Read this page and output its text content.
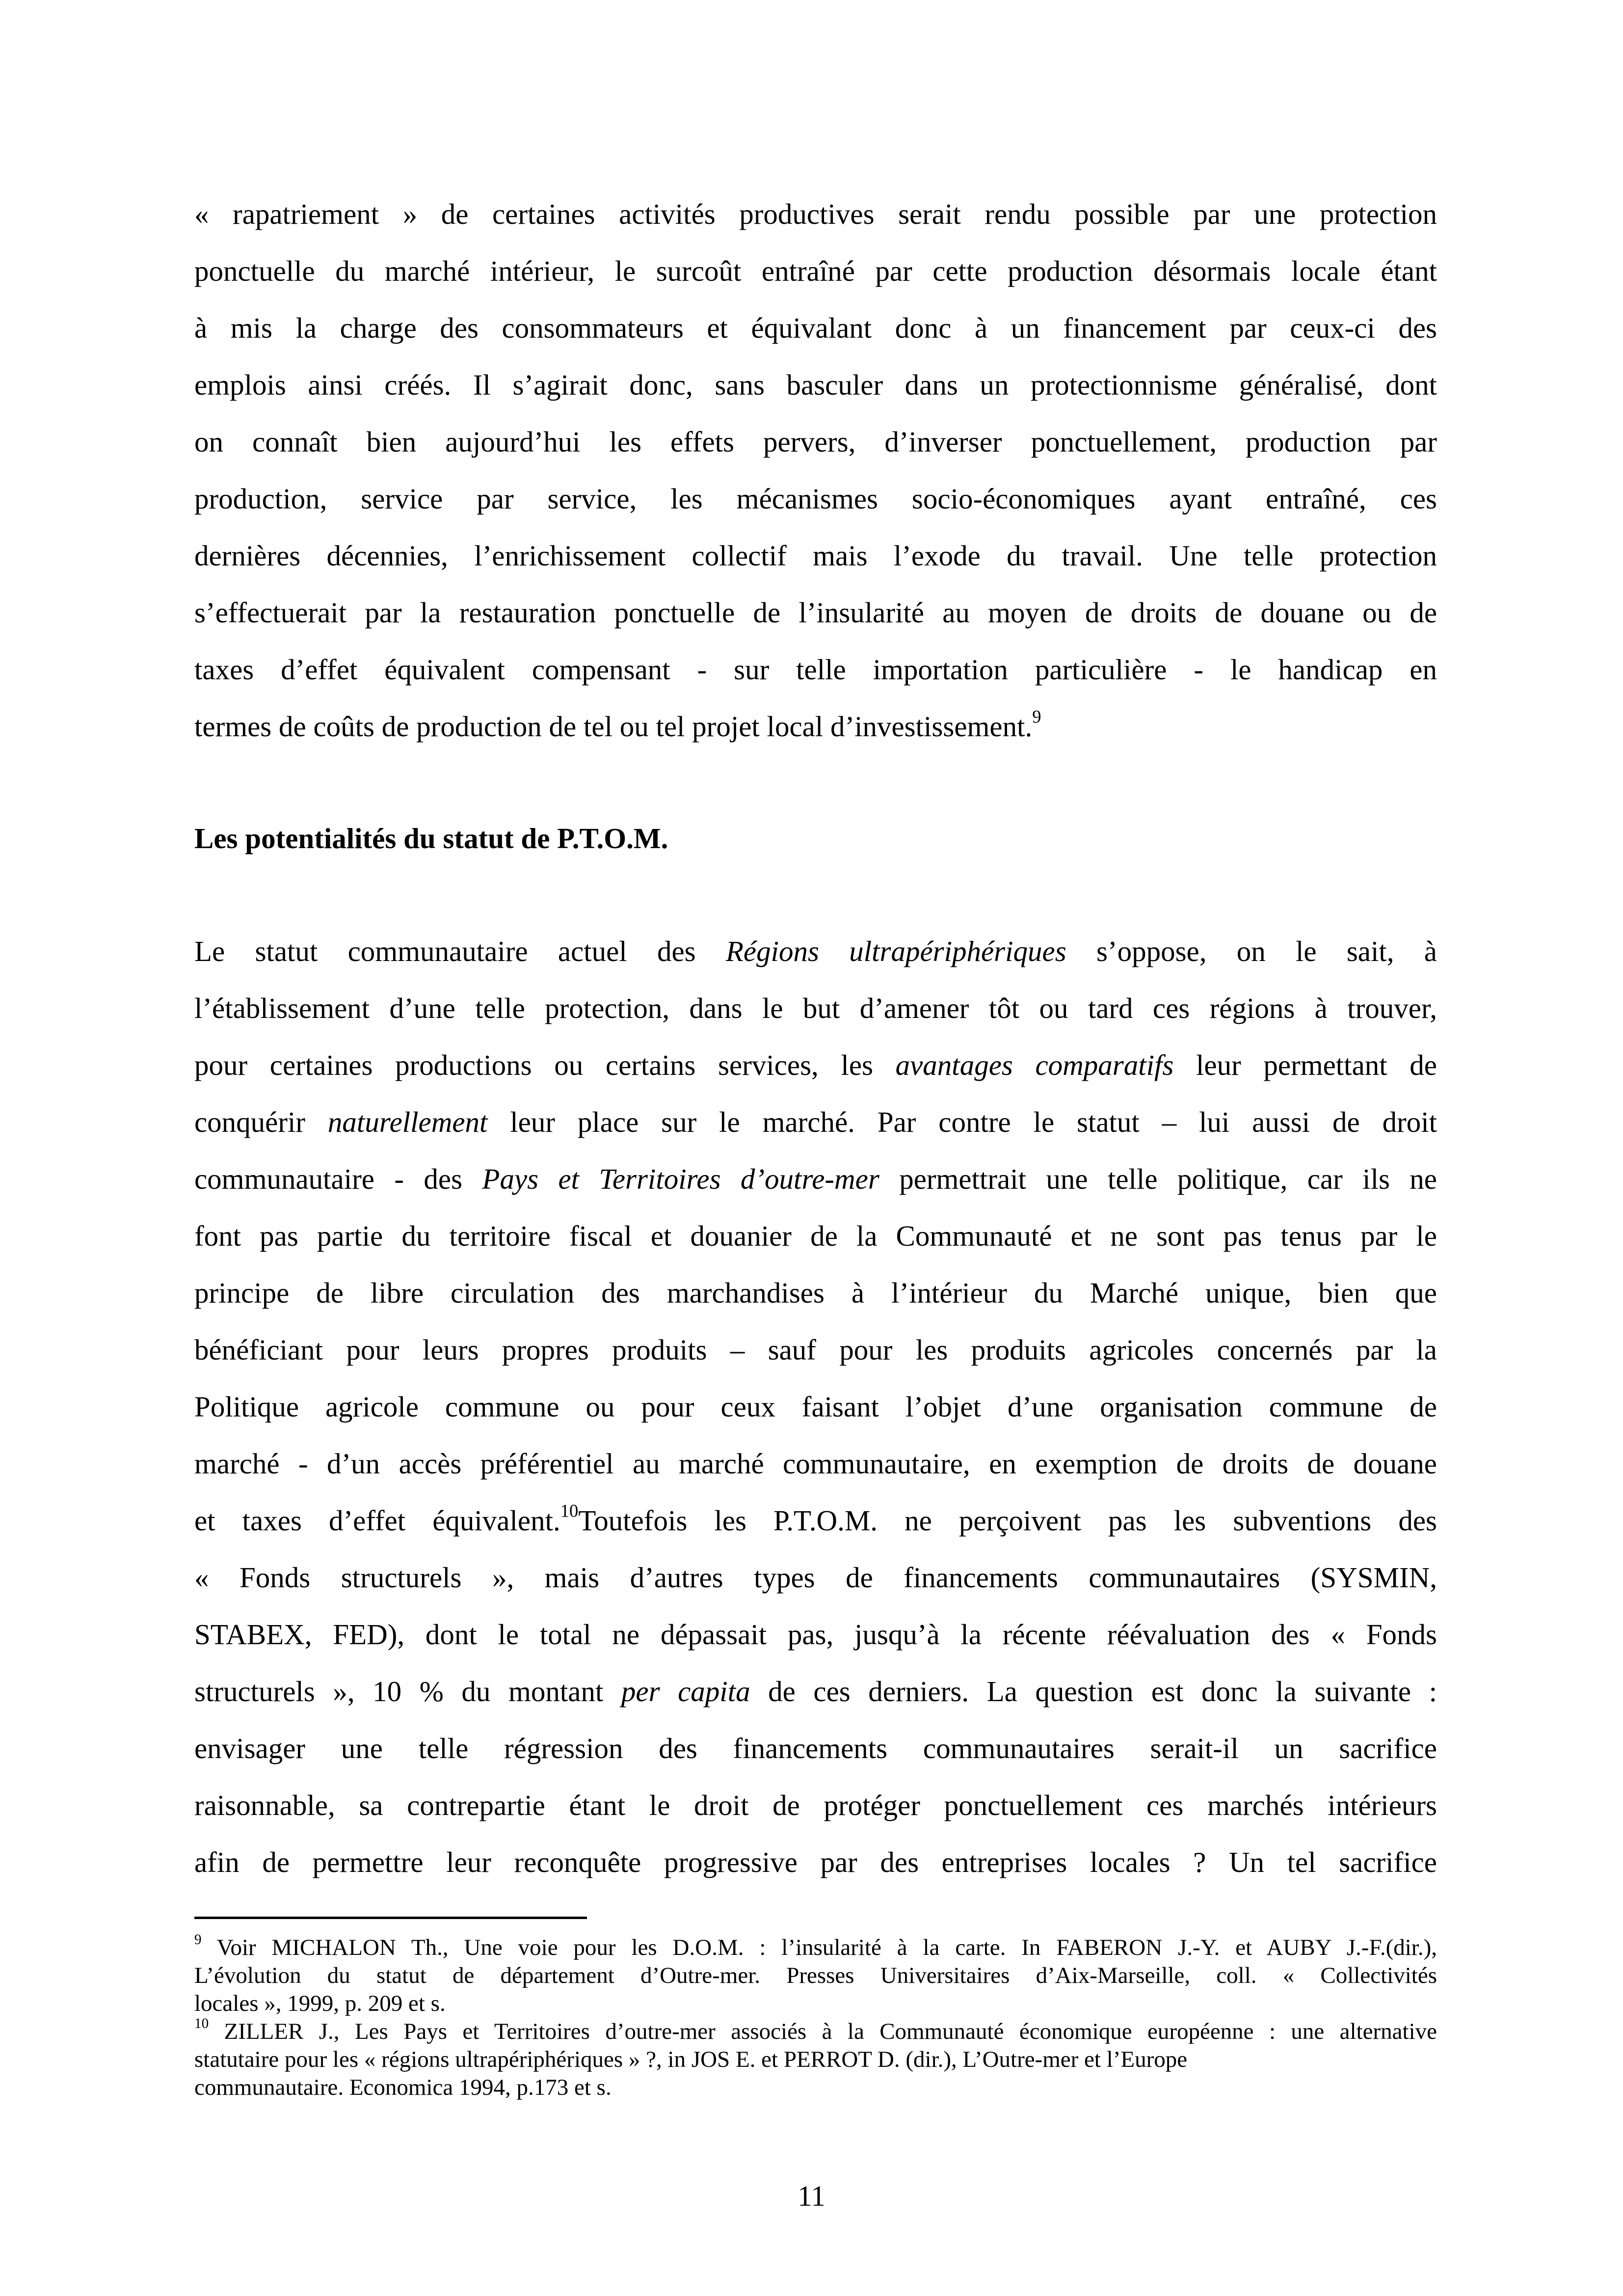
« rapatriement » de certaines activités productives serait rendu possible par une protection
ponctuelle du marché intérieur, le surcoût entraîné par cette production désormais locale étant
à mis la charge des consommateurs et équivalant donc à un financement par ceux-ci des
emplois ainsi créés. Il s’agirait donc, sans basculer dans un protectionnisme généralisé, dont
on connaît bien aujourd’hui les effets pervers, d’inverser ponctuellement, production par
production, service par service, les mécanismes socio-économiques ayant entraîné, ces
dernières décennies, l’enrichissement collectif mais l’exode du travail. Une telle protection
s’effectuerait par la restauration ponctuelle de l’insularité au moyen de droits de douane ou de
taxes d’effet équivalent compensant - sur telle importation particulière - le handicap en
termes de coûts de production de tel ou tel projet local d’investissement.$^9$
Les potentialités du statut de P.T.O.M.
Le statut communautaire actuel des Régions ultrapériphériques s’oppose, on le sait, à
l’établissement d’une telle protection, dans le but d’amener tôt ou tard ces régions à trouver,
pour certaines productions ou certains services, les avantages comparatifs leur permettant de
conquérir naturellement leur place sur le marché. Par contre le statut – lui aussi de droit
communautaire - des Pays et Territoires d’outre-mer permettrait une telle politique, car ils ne
font pas partie du territoire fiscal et douanier de la Communauté et ne sont pas tenus par le
principe de libre circulation des marchandises à l’intérieur du Marché unique, bien que
bénéficiant pour leurs propres produits – sauf pour les produits agricoles concernés par la
Politique agricole commune ou pour ceux faisant l’objet d’une organisation commune de
marché - d’un accès préférentiel au marché communautaire, en exemption de droits de douane
et taxes d’effet équivalent.$^{10}$Toutefois les P.T.O.M. ne perçoivent pas les subventions des
« Fonds structurels », mais d’autres types de financements communautaires (SYSMIN,
STABEX, FED), dont le total ne dépassait pas, jusqu’à la récente réévaluation des « Fonds
structurels », 10 % du montant per capita de ces derniers. La question est donc la suivante :
envisager une telle régression des financements communautaires serait-il un sacrifice
raisonnable, sa contrepartie étant le droit de protéger ponctuellement ces marchés intérieurs
afin de permettre leur reconquête progressive par des entreprises locales ? Un tel sacrifice
$^9$ Voir MICHALON Th., Une voie pour les D.O.M. : l’insularité à la carte. In FABERON J.-Y. et AUBY J.-F.(dir.),
L’évolution du statut de département d’Outre-mer. Presses Universitaires d’Aix-Marseille, coll. « Collectivités
locales », 1999, p. 209 et s.
$^{10}$ ZILLER J., Les Pays et Territoires d’outre-mer associés à la Communauté économique européenne : une alternative
statutaire pour les « régions ultrapériphériques » ?, in JOS E. et PERROT D. (dir.), L’Outre-mer et l’Europe
communautaire. Economica 1994, p.173 et s.
11
